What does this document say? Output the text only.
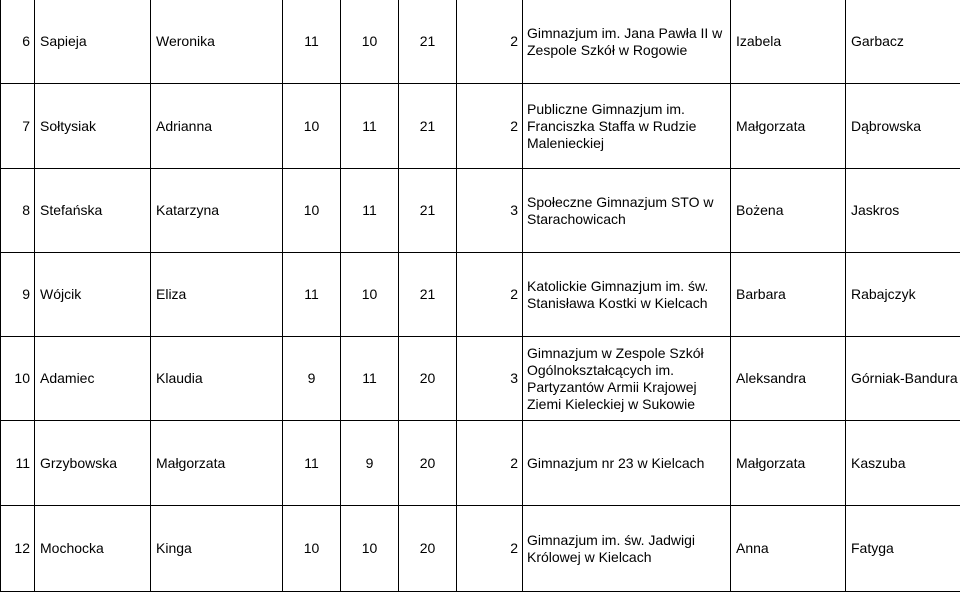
6	Sapieja	Weronika	11	10	21	2	Gimnazjum im. Jana Pawła II w
Zespole Szkół w Rogowie	Izabela	Garbacz
7	Sołtysiak	Adrianna	10	11	21	2	Publiczne Gimnazjum im.
Franciszka Staffa w Rudzie
Malenieckiej	Małgorzata	Dąbrowska
8	Stefańska	Katarzyna	10	11	21	3	Społeczne Gimnazjum STO w
Starachowicach	Bożena	Jaskros
9	Wójcik	Eliza	11	10	21	2	Katolickie Gimnazjum im. św.
Stanisława Kostki w Kielcach	Barbara	Rabajczyk
10	Adamiec	Klaudia	9	11	20	3	Gimnazjum w Zespole Szkół
Ogólnokształcących im.
Partyzantów Armii Krajowej
Ziemi Kieleckiej w Sukowie	Aleksandra	Górniak-Bandura
11	Grzybowska	Małgorzata	11	9	20	2	Gimnazjum nr 23 w Kielcach	Małgorzata	Kaszuba
12	Mochocka	Kinga	10	10	20	2	Gimnazjum im. św. Jadwigi
Królowej w Kielcach	Anna	Fatyga
